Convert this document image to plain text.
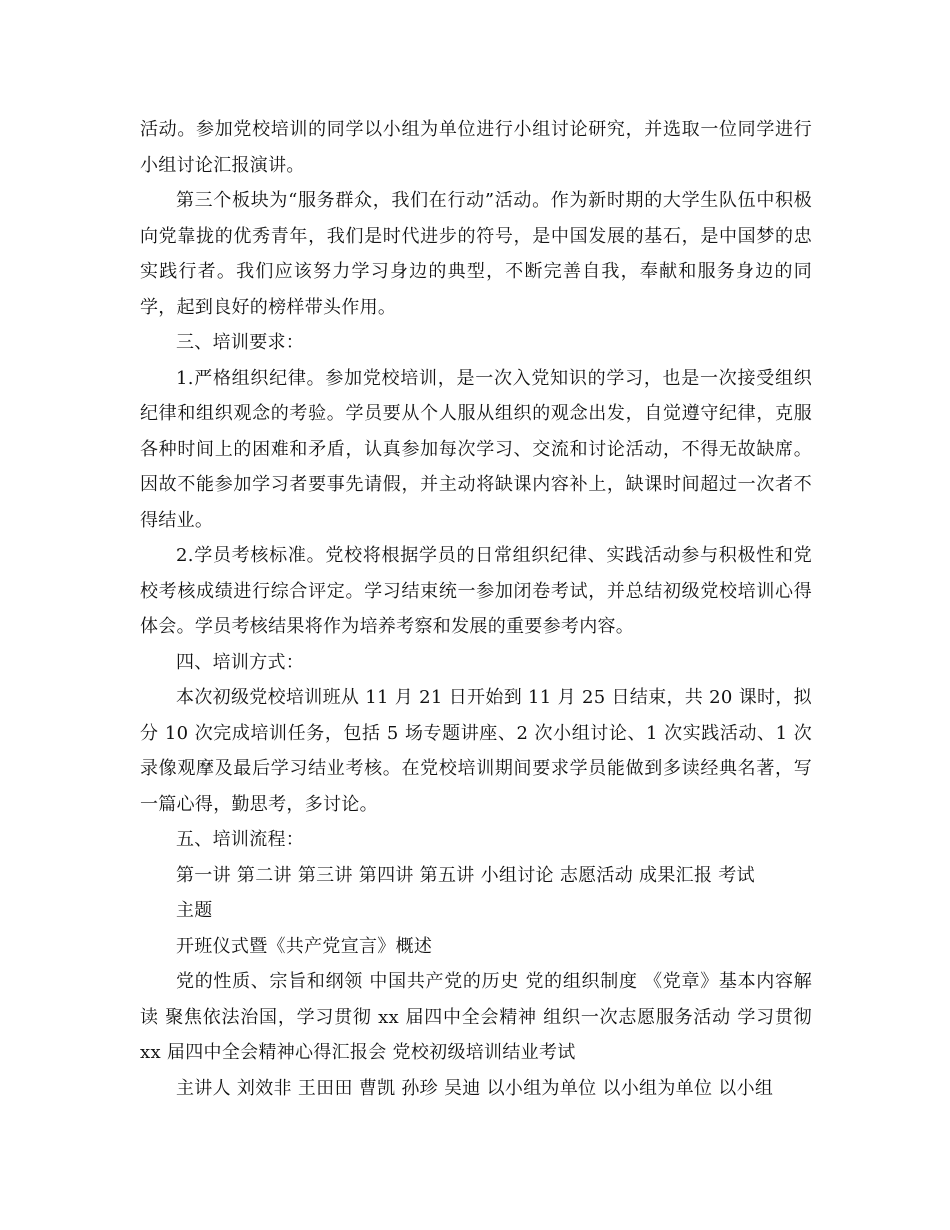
活动。参加党校培训的同学以小组为单位进行小组讨论研究，并选取一位同学进行小组讨论汇报演讲。

第三个板块为“服务群众，我们在行动”活动。作为新时期的大学生队伍中积极向党靠拢的优秀青年，我们是时代进步的符号，是中国发展的基石，是中国梦的忠实践行者。我们应该努力学习身边的典型，不断完善自我，奉献和服务身边的同学，起到良好的榜样带头作用。

三、培训要求：

1.严格组织纪律。参加党校培训，是一次入党知识的学习，也是一次接受组织纪律和组织观念的考验。学员要从个人服从组织的观念出发，自觉遵守纪律，克服各种时间上的困难和矛盾，认真参加每次学习、交流和讨论活动，不得无故缺席。因故不能参加学习者要事先请假，并主动将缺课内容补上，缺课时间超过一次者不得结业。

2.学员考核标准。党校将根据学员的日常组织纪律、实践活动参与积极性和党校考核成绩进行综合评定。学习结束统一参加闭卷考试，并总结初级党校培训心得体会。学员考核结果将作为培养考察和发展的重要参考内容。

四、培训方式：

本次初级党校培训班从 11 月 21 日开始到 11 月 25 日结束，共 20 课时，拟分 10 次完成培训任务，包括 5 场专题讲座、2 次小组讨论、1 次实践活动、1 次录像观摩及最后学习结业考核。在党校培训期间要求学员能做到多读经典名著，写一篇心得，勤思考，多讨论。

五、培训流程：

第一讲 第二讲 第三讲 第四讲 第五讲 小组讨论 志愿活动 成果汇报 考试

主题

开班仪式暨《共产党宣言》概述

党的性质、宗旨和纲领 中国共产党的历史 党的组织制度 《党章》基本内容解读 聚焦依法治国，学习贯彻 xx 届四中全会精神 组织一次志愿服务活动 学习贯彻 xx 届四中全会精神心得汇报会 党校初级培训结业考试

主讲人 刘效非 王田田 曹凯 孙珍 吴迪 以小组为单位 以小组为单位 以小组
